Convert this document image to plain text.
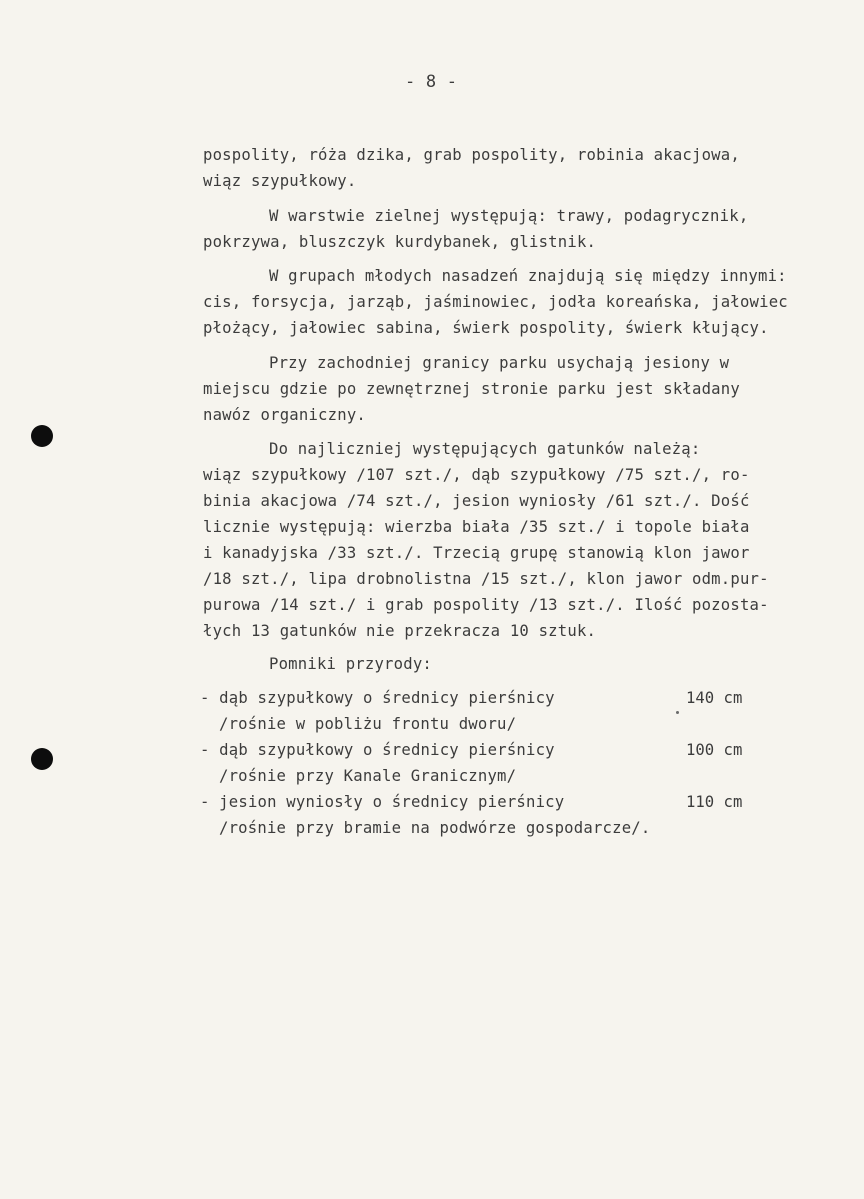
- 8 -
pospolity, róża dzika, grab pospolity, robinia akacjowa,
wiąz szypułkowy.
W warstwie zielnej występują: trawy, podagrycznik,
pokrzywa, bluszczyk kurdybanek, glistnik.
W grupach młodych nasadzeń znajdują się między innymi:
cis, forsycja, jarząb, jaśminowiec, jodła koreańska, jałowiec
płożący, jałowiec sabina, świerk pospolity, świerk kłujący.
Przy zachodniej granicy parku usychają jesiony w
miejscu gdzie po zewnętrznej stronie parku jest składany
nawóz organiczny.
Do najliczniej występujących gatunków należą:
wiąz szypułkowy /107 szt./, dąb szypułkowy /75 szt./, ro-
binia akacjowa /74 szt./, jesion wyniosły /61 szt./. Dość
licznie występują: wierzba biała /35 szt./ i topole biała
i kanadyjska /33 szt./. Trzecią grupę stanowią klon jawor
/18 szt./, lipa drobnolistna /15 szt./, klon jawor odm.pur-
purowa /14 szt./ i grab pospolity /13 szt./. Ilość pozosta-
łych 13 gatunków nie przekracza 10 sztuk.
Pomniki przyrody:
- dąb szypułkowy o średnicy pierśnicy	140 cm
/rośnie w pobliżu frontu dworu/
- dąb szypułkowy o średnicy pierśnicy	100 cm
/rośnie przy Kanale Granicznym/
- jesion wyniosły o średnicy pierśnicy	110 cm
/rośnie przy bramie na podwórze gospodarcze/.
